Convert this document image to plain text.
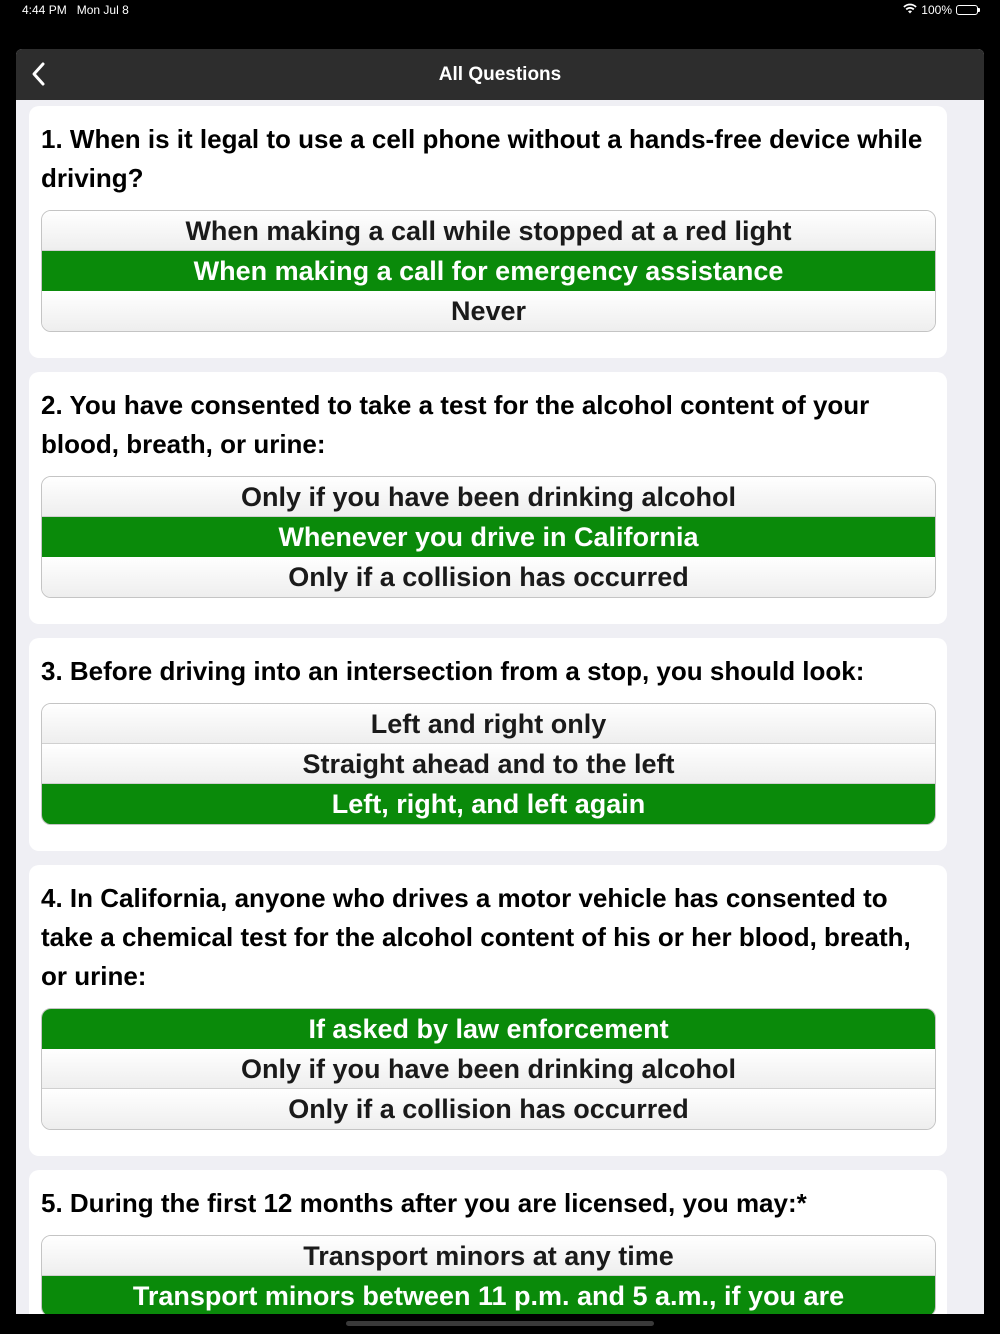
4:44 PM Mon Jul 8	100%
All Questions
1. When is it legal to use a cell phone without a hands-free device while driving?
When making a call while stopped at a red light
When making a call for emergency assistance
Never
2. You have consented to take a test for the alcohol content of your blood, breath, or urine:
Only if you have been drinking alcohol
Whenever you drive in California
Only if a collision has occurred
3. Before driving into an intersection from a stop, you should look:
Left and right only
Straight ahead and to the left
Left, right, and left again
4. In California, anyone who drives a motor vehicle has consented to take a chemical test for the alcohol content of his or her blood, breath, or urine:
If asked by law enforcement
Only if you have been drinking alcohol
Only if a collision has occurred
5. During the first 12 months after you are licensed, you may:*
Transport minors at any time
Transport minors between 11 p.m. and 5 a.m., if you are
